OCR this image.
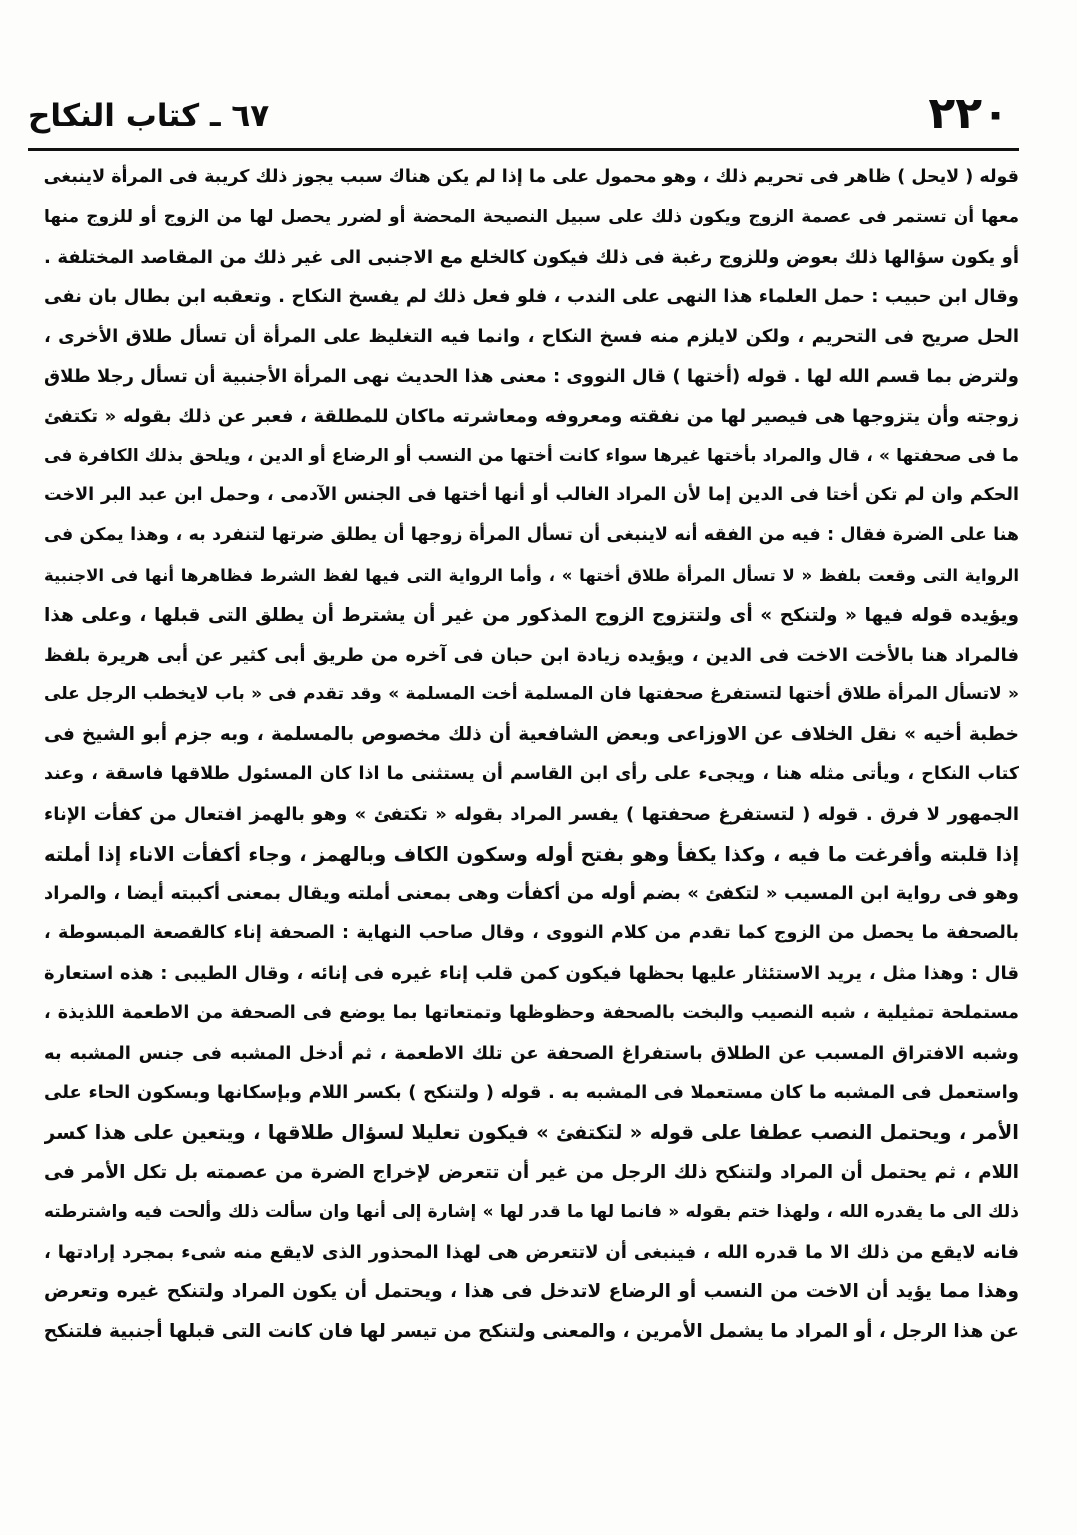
٢٢٠
٦٧ ـ كتاب النكاح
قوله ( لايحل ) ظاهر فى تحريم ذلك ، وهو محمول على ما إذا لم يكن هناك سبب يجوز ذلك كريبة فى المرأة لاينبغى
معها أن تستمر فى عصمة الزوج ويكون ذلك على سبيل النصيحة المحضة أو لضرر يحصل لها من الزوج أو للزوج منها
أو يكون سؤالها ذلك بعوض وللزوج رغبة فى ذلك فيكون كالخلع مع الاجنبى الى غير ذلك من المقاصد المختلفة .
وقال ابن حبيب : حمل العلماء هذا النهى على الندب ، فلو فعل ذلك لم يفسخ النكاح . وتعقبه ابن بطال بان نفى
الحل صريح فى التحريم ، ولكن لايلزم منه فسخ النكاح ، وانما فيه التغليظ على المرأة أن تسأل طلاق الأخرى ،
ولترض بما قسم الله لها . قوله (أختها ) قال النووى : معنى هذا الحديث نهى المرأة الأجنبية أن تسأل رجلا طلاق
زوجته وأن يتزوجها هى فيصير لها من نفقته ومعروفه ومعاشرته ماكان للمطلقة ، فعبر عن ذلك بقوله « تكتفئ
ما فى صحفتها » ، قال والمراد بأختها غيرها سواء كانت أختها من النسب أو الرضاع أو الدين ، ويلحق بذلك الكافرة فى
الحكم وان لم تكن أختا فى الدين إما لأن المراد الغالب أو أنها أختها فى الجنس الآدمى ، وحمل ابن عبد البر الاخت
هنا على الضرة فقال : فيه من الفقه أنه لاينبغى أن تسأل المرأة زوجها أن يطلق ضرتها لتنفرد به ، وهذا يمكن فى
الرواية التى وقعت بلفظ « لا تسأل المرأة طلاق أختها » ، وأما الرواية التى فيها لفظ الشرط فظاهرها أنها فى الاجنبية
ويؤيده قوله فيها « ولتنكح » أى ولتتزوج الزوج المذكور من غير أن يشترط أن يطلق التى قبلها ، وعلى هذا
فالمراد هنا بالأخت الاخت فى الدين ، ويؤيده زيادة ابن حبان فى آخره من طريق أبى كثير عن أبى هريرة بلفظ
« لاتسأل المرأة طلاق أختها لتستفرغ صحفتها فان المسلمة أخت المسلمة » وقد تقدم فى « باب لايخطب الرجل على
خطبة أخيه » نقل الخلاف عن الاوزاعى وبعض الشافعية أن ذلك مخصوص بالمسلمة ، وبه جزم أبو الشيخ فى
كتاب النكاح ، ويأتى مثله هنا ، ويجىء على رأى ابن القاسم أن يستثنى ما اذا كان المسئول طلاقها فاسقة ، وعند
الجمهور لا فرق . قوله ( لتستفرغ صحفتها ) يفسر المراد بقوله « تكتفئ » وهو بالهمز افتعال من كفأت الإناء
إذا قلبته وأفرغت ما فيه ، وكذا يكفأ وهو بفتح أوله وسكون الكاف وبالهمز ، وجاء أكفأت الاناء إذا أملته
وهو فى رواية ابن المسيب « لتكفئ » بضم أوله من أكفأت وهى بمعنى أملته ويقال بمعنى أكببته أيضا ، والمراد
بالصحفة ما يحصل من الزوج كما تقدم من كلام النووى ، وقال صاحب النهاية : الصحفة إناء كالقصعة المبسوطة ،
قال : وهذا مثل ، يريد الاستئثار عليها بحظها فيكون كمن قلب إناء غيره فى إنائه ، وقال الطيبى : هذه استعارة
مستملحة تمثيلية ، شبه النصيب والبخت بالصحفة وحظوظها وتمتعاتها بما يوضع فى الصحفة من الاطعمة اللذيذة ،
وشبه الافتراق المسبب عن الطلاق باستفراغ الصحفة عن تلك الاطعمة ، ثم أدخل المشبه فى جنس المشبه به
واستعمل فى المشبه ما كان مستعملا فى المشبه به . قوله ( ولتنكح ) بكسر اللام وبإسكانها وبسكون الحاء على
الأمر ، ويحتمل النصب عطفا على قوله « لتكتفئ » فيكون تعليلا لسؤال طلاقها ، ويتعين على هذا كسر
اللام ، ثم يحتمل أن المراد ولتنكح ذلك الرجل من غير أن تتعرض لإخراج الضرة من عصمته بل تكل الأمر فى
ذلك الى ما يقدره الله ، ولهذا ختم بقوله « فانما لها ما قدر لها » إشارة إلى أنها وان سألت ذلك وألحت فيه واشترطته
فانه لايقع من ذلك الا ما قدره الله ، فينبغى أن لاتتعرض هى لهذا المحذور الذى لايقع منه شىء بمجرد إرادتها ،
وهذا مما يؤيد أن الاخت من النسب أو الرضاع لاتدخل فى هذا ، ويحتمل أن يكون المراد ولتنكح غيره وتعرض
عن هذا الرجل ، أو المراد ما يشمل الأمرين ، والمعنى ولتنكح من تيسر لها فان كانت التى قبلها أجنبية فلتنكح
